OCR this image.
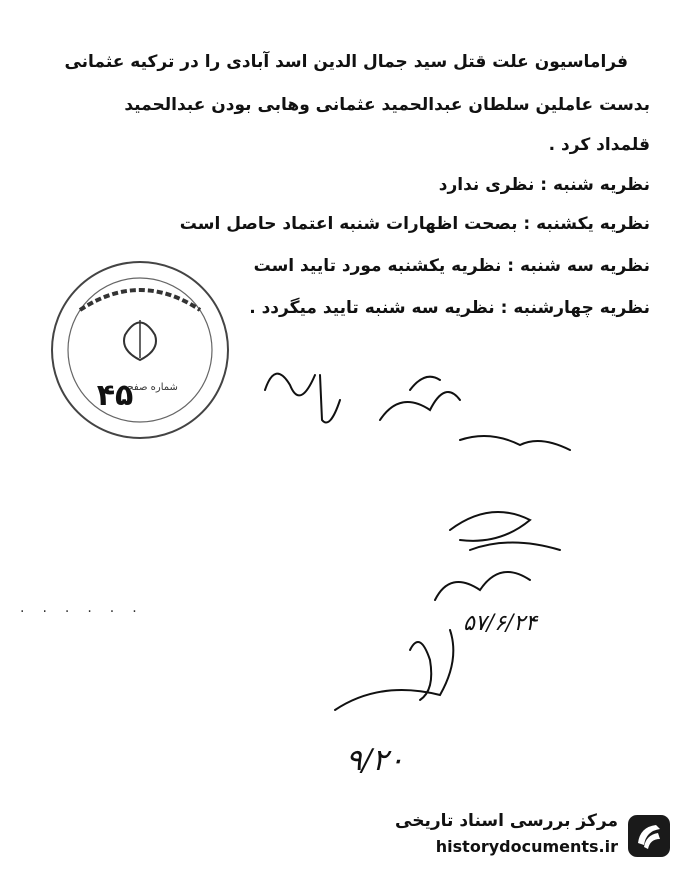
فراماسیون علت قتل سید جمال الدین اسد آبادی را در ترکیه عثمانی
بدست عاملین سلطان عبدالحمید عثمانی وهابی بودن عبدالحمید
قلمداد کرد .
نظریه شنبه : نظری ندارد
نظریه یکشنبه : بصحت اظهارات شنبه اعتماد حاصل است
نظریه سه شنبه : نظریه یکشنبه مورد تایید است
نظریه چهارشنبه : نظریه سه شنبه تایید میگردد .
شماره صفحه
۴۵
۵۷/۶/۲۴
۹/۲۰
......
مرکز بررسی اسناد تاریخی
historydocuments.ir
